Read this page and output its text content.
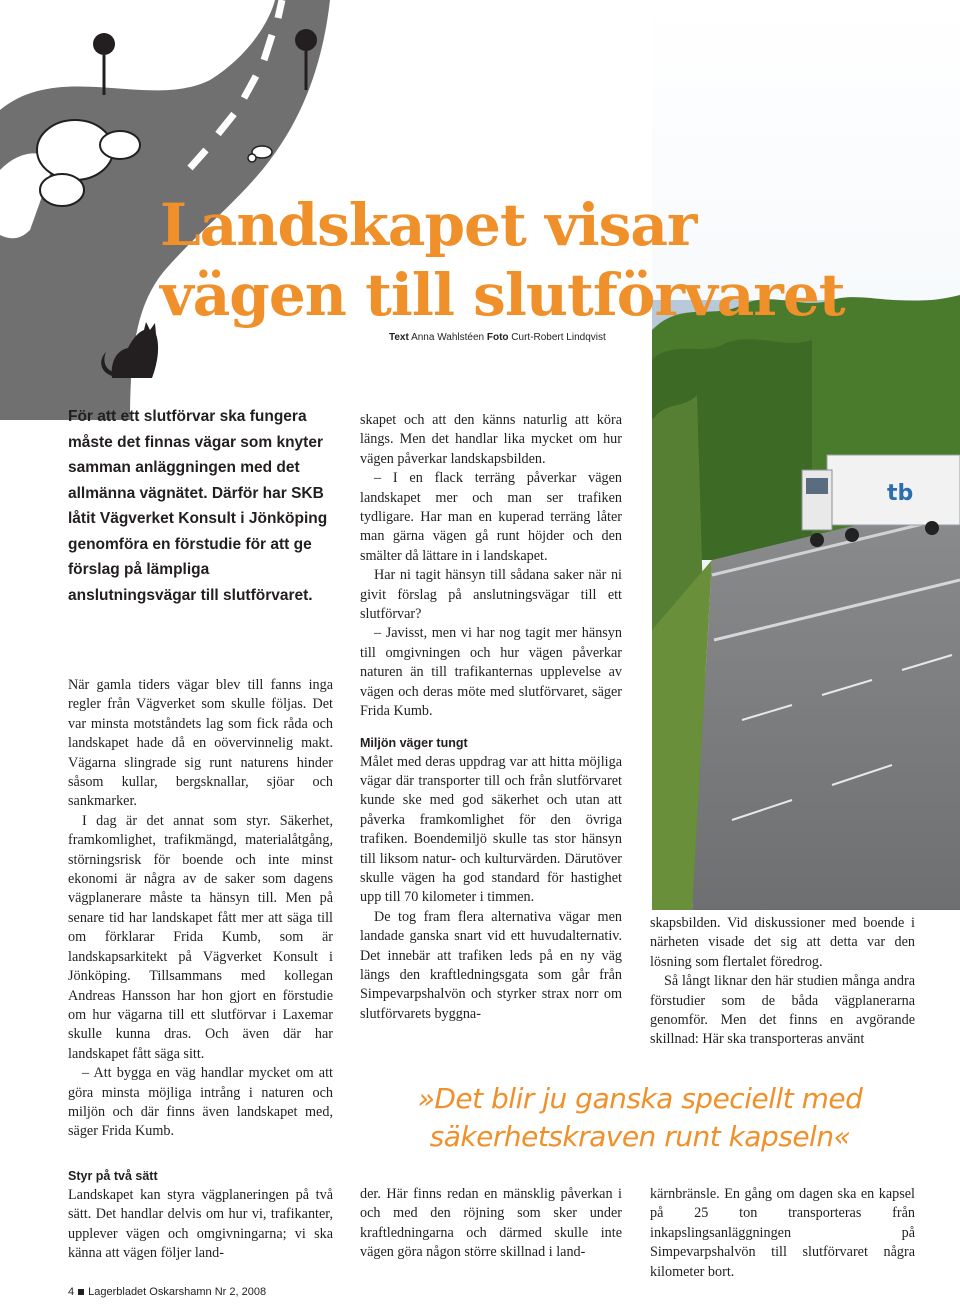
tb
Landskapet visar
vägen till slutförvaret
Text Anna Wahlstéen Foto Curt-Robert Lindqvist
För att ett slutförvar ska fungera måste det finnas vägar som knyter samman anläggningen med det allmänna vägnätet. Därför har SKB låtit Vägverket Konsult i Jönköping genomföra en förstudie för att ge förslag på lämpliga anslutningsvägar till slutförvaret.

När gamla tiders vägar blev till fanns inga regler från Vägverket som skulle följas. Det var minsta motståndets lag som fick råda och landskapet hade då en oövervinnelig makt. Vägarna slingrade sig runt naturens hinder såsom kullar, bergsknallar, sjöar och sankmarker.

I dag är det annat som styr. Säkerhet, framkomlighet, trafikmängd, materialåtgång, störningsrisk för boende och inte minst ekonomi är några av de saker som dagens vägplanerare måste ta hänsyn till. Men på senare tid har landskapet fått mer att säga till om förklarar Frida Kumb, som är landskapsarkitekt på Vägverket Konsult i Jönköping. Tillsammans med kollegan Andreas Hansson har hon gjort en förstudie om hur vägarna till ett slutförvar i Laxemar skulle kunna dras. Och även där har landskapet fått säga sitt.

– Att bygga en väg handlar mycket om att göra minsta möjliga intrång i naturen och miljön och där finns även landskapet med, säger Frida Kumb.

Styr på två sätt

Landskapet kan styra vägplaneringen på två sätt. Det handlar delvis om hur vi, trafikanter, upplever vägen och omgivningarna; vi ska känna att vägen följer land-

skapet och att den känns naturlig att köra längs. Men det handlar lika mycket om hur vägen påverkar landskapsbilden.

– I en flack terräng påverkar vägen landskapet mer och man ser trafiken tydligare. Har man en kuperad terräng låter man gärna vägen gå runt höjder och den smälter då lättare in i landskapet.

Har ni tagit hänsyn till sådana saker när ni givit förslag på anslutningsvägar till ett slutförvar?

– Javisst, men vi har nog tagit mer hänsyn till omgivningen och hur vägen påverkar naturen än till trafikanternas upplevelse av vägen och deras möte med slutförvaret, säger Frida Kumb.

Miljön väger tungt

Målet med deras uppdrag var att hitta möjliga vägar där transporter till och från slutförvaret kunde ske med god säkerhet och utan att påverka framkomlighet för den övriga trafiken. Boendemiljö skulle tas stor hänsyn till liksom natur- och kulturvärden. Därutöver skulle vägen ha god standard för hastighet upp till 70 kilometer i timmen.

De tog fram flera alternativa vägar men landade ganska snart vid ett huvudalternativ. Det innebär att trafiken leds på en ny väg längs den kraftledningsgata som går från Simpevarpshalvön och styrker strax norr om slutförvarets byggna-

der. Här finns redan en mänsklig påverkan i och med den röjning som sker under kraftledningarna och därmed skulle inte vägen göra någon större skillnad i land-

skapsbilden. Vid diskussioner med boende i närheten visade det sig att detta var den lösning som flertalet föredrog.

Så långt liknar den här studien många andra förstudier som de båda vägplanerarna genomför. Men det finns en avgörande skillnad: Här ska transporteras använt

kärnbränsle. En gång om dagen ska en kapsel på 25 ton transporteras från inkapslingsanläggningen på Simpevarpshalvön till slutförvaret några kilometer bort.

»Det blir ju ganska speciellt med
säkerhetskraven runt kapseln«
4 Lagerbladet Oskarshamn Nr 2, 2008
